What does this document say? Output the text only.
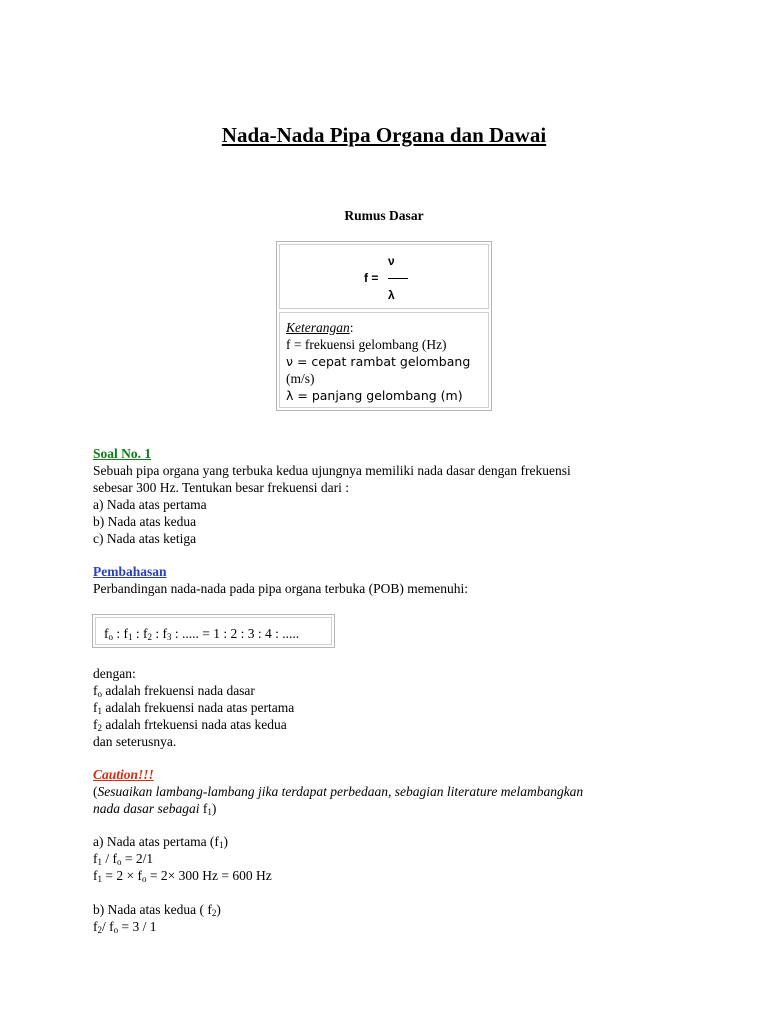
Nada-Nada Pipa Organa dan Dawai
Rumus Dasar
ν
f =
λ
Keterangan:
f = frekuensi gelombang (Hz)
ν = cepat rambat gelombang
(m/s)
λ = panjang gelombang (m)
Soal No. 1
Sebuah pipa organa yang terbuka kedua ujungnya memiliki nada dasar dengan frekuensi
sebesar 300 Hz. Tentukan besar frekuensi dari :
a) Nada atas pertama
b) Nada atas kedua
c) Nada atas ketiga
Pembahasan
Perbandingan nada-nada pada pipa organa terbuka (POB) memenuhi:
$f_o$ : $f_1$ : $f_2$ : $f_3$ : ..... = 1 : 2 : 3 : 4 : .....
dengan:
$f_o$ adalah frekuensi nada dasar
$f_1$ adalah frekuensi nada atas pertama
$f_2$ adalah frtekuensi nada atas kedua
dan seterusnya.
Caution!!!
(Sesuaikan lambang-lambang jika terdapat perbedaan, sebagian literature melambangkan
nada dasar sebagai $f_1$)
a) Nada atas pertama $(f_1)$
$f_1 / f_o = 2/1$
$f_1 = 2 \times f_o = 2\times 300$ Hz = 600 Hz
b) Nada atas kedua ( $f_2$)
$f_2/$ $f_o = 3 / 1$
